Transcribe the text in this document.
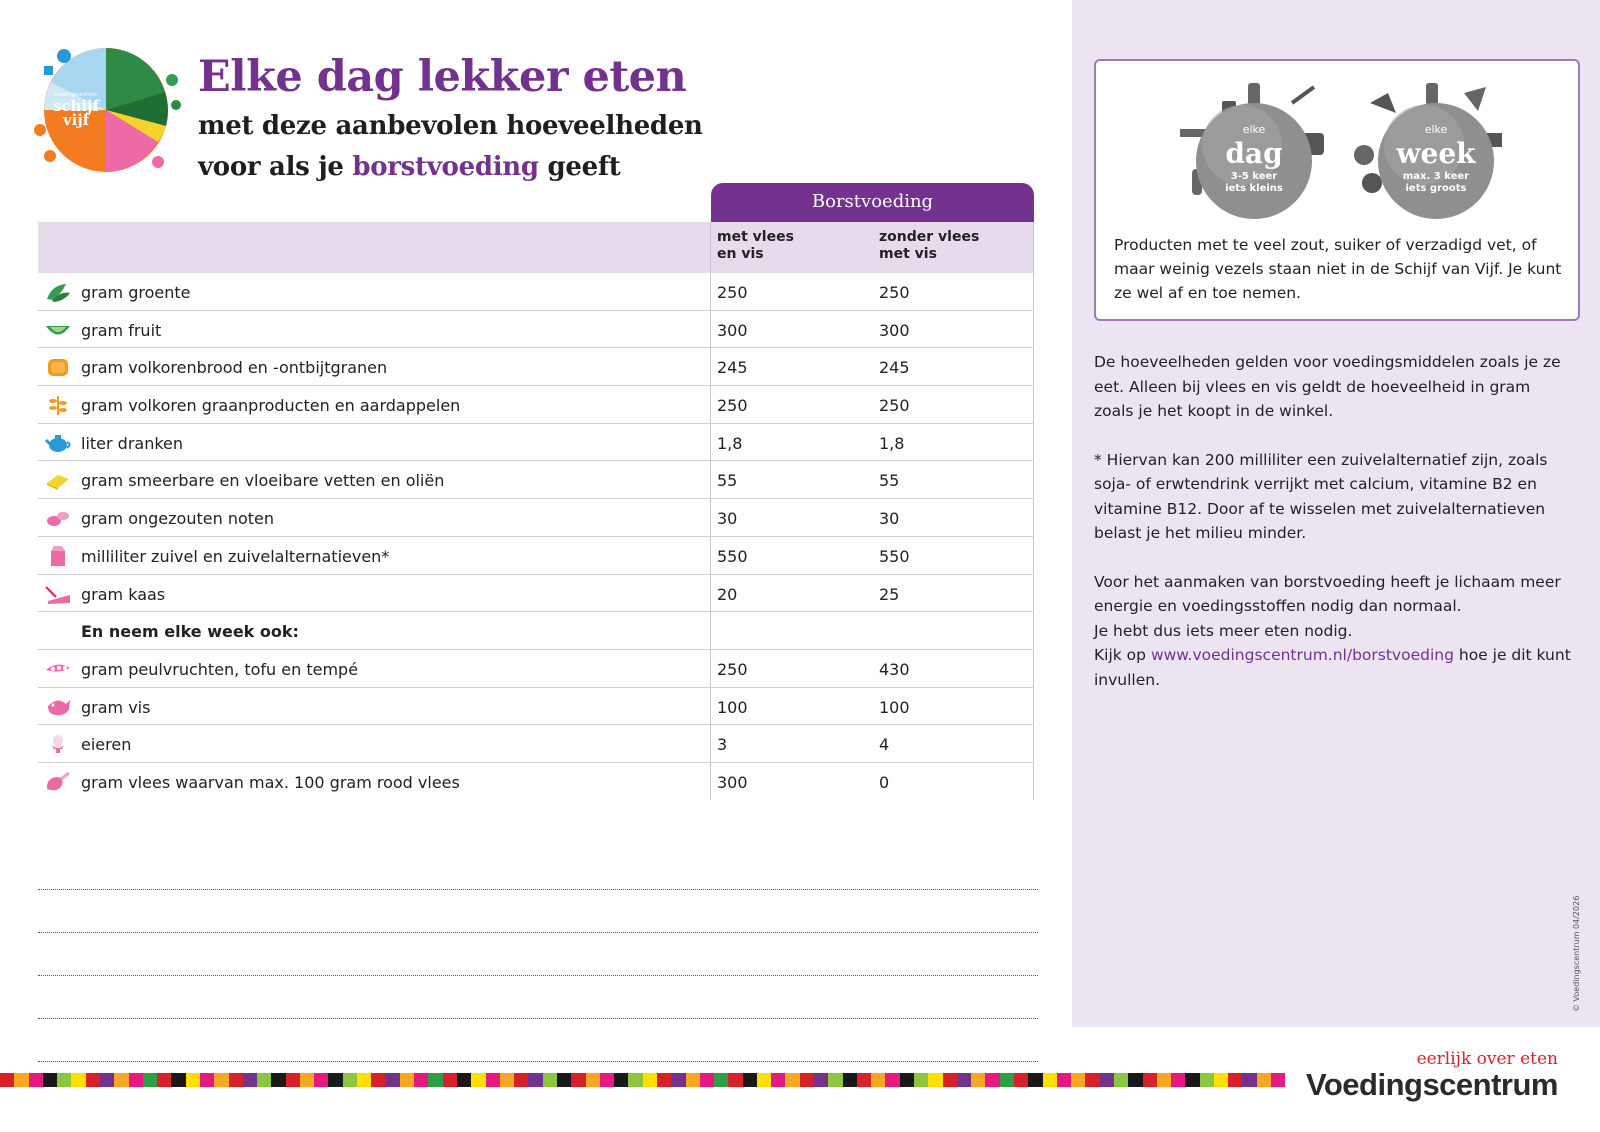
voedingscentrum
schijf
vijf
Elke dag lekker eten
met deze aanbevolen hoeveelheden
voor als je borstvoeding geeft
Borstvoeding
met vlees
en vis
zonder vlees
met vis
gram groente	250	250
gram fruit	300	300
gram volkorenbrood en -ontbijtgranen	245	245
gram volkoren graanproducten en aardappelen	250	250
liter dranken	1,8	1,8
gram smeerbare en vloeibare vetten en oliën	55	55
gram ongezouten noten	30	30
milliliter zuivel en zuivelalternatieven*	550	550
gram kaas	20	25
En neem elke week ook:
gram peulvruchten, tofu en tempé	250	430
gram vis	100	100
eieren	3	4
gram vlees waarvan max. 100 gram rood vlees	300	0
elke
dag
3-5 keer
iets kleins
elke
week
max. 3 keer
iets groots
Producten met te veel zout, suiker of verzadigd vet, of maar weinig vezels staan niet in de Schijf van Vijf. Je kunt ze wel af en toe nemen.

De hoeveelheden gelden voor voedingsmiddelen zoals je ze eet. Alleen bij vlees en vis geldt de hoeveelheid in gram zoals je het koopt in de winkel.

* Hiervan kan 200 milliliter een zuivelalternatief zijn, zoals soja- of erwtendrink verrijkt met calcium, vitamine B2 en vitamine B12. Door af te wisselen met zuivelalternatieven belast je het milieu minder.

Voor het aanmaken van borstvoeding heeft je lichaam meer energie en voedingsstoffen nodig dan normaal.
Je hebt dus iets meer eten nodig.
Kijk op www.voedingscentrum.nl/borstvoeding hoe je dit kunt invullen.

© Voedingscentrum 04/2026
eerlijk over eten
Voedingscentrum
